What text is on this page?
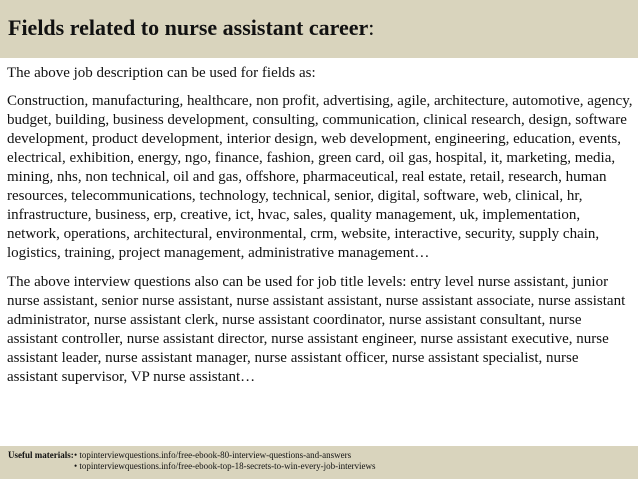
Fields related to nurse assistant career:

The above job description can be used for fields as:

Construction, manufacturing, healthcare, non profit, advertising, agile, architecture, automotive, agency, budget, building, business development, consulting, communication, clinical research, design, software development, product development, interior design, web development, engineering, education, events, electrical, exhibition, energy, ngo, finance, fashion, green card, oil gas, hospital, it, marketing, media, mining, nhs, non technical, oil and gas, offshore, pharmaceutical, real estate, retail, research, human resources, telecommunications, technology, technical, senior, digital, software, web, clinical, hr, infrastructure, business, erp, creative, ict, hvac, sales, quality management, uk, implementation, network, operations, architectural, environmental, crm, website, interactive, security, supply chain, logistics, training, project management, administrative management…

The above interview questions also can be used for job title levels: entry level nurse assistant, junior nurse assistant, senior nurse assistant, nurse assistant assistant, nurse assistant associate, nurse assistant administrator, nurse assistant clerk, nurse assistant coordinator, nurse assistant consultant, nurse assistant controller, nurse assistant director, nurse assistant engineer, nurse assistant executive, nurse assistant leader, nurse assistant manager, nurse assistant officer, nurse assistant specialist, nurse assistant supervisor, VP nurse assistant…

Useful materials: • topinterviewquestions.info/free-ebook-80-interview-questions-and-answers
• topinterviewquestions.info/free-ebook-top-18-secrets-to-win-every-job-interviews
